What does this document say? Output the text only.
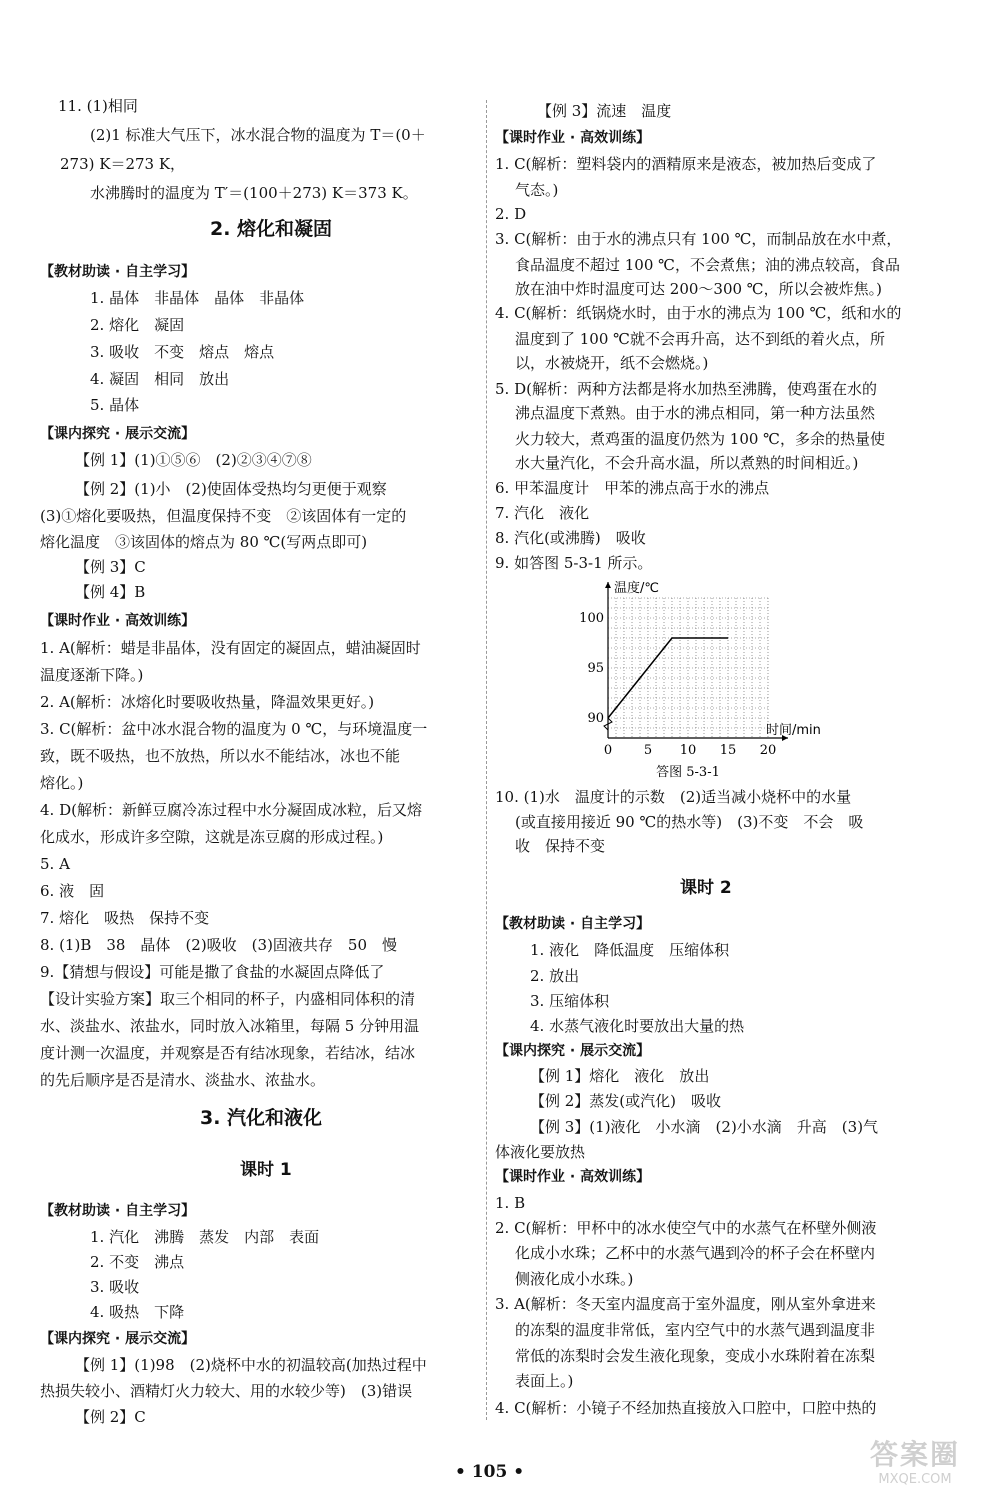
11. (1)相同

(2)1 标准大气压下，冰水混合物的温度为 T＝(0＋

273) K＝273 K，

水沸腾时的温度为 T′＝(100＋273) K＝373 K。

2. 熔化和凝固

【教材助读 · 自主学习】

1. 晶体　非晶体　晶体　非晶体

2. 熔化　凝固

3. 吸收　不变　熔点　熔点

4. 凝固　相同　放出

5. 晶体

【课内探究 · 展示交流】

【例 1】(1)①⑤⑥　(2)②③④⑦⑧

【例 2】(1)小　(2)使固体受热均匀更便于观察

(3)①熔化要吸热，但温度保持不变　②该固体有一定的

熔化温度　③该固体的熔点为 80 ℃(写两点即可)

【例 3】C

【例 4】B

【课时作业 · 高效训练】

1. A(解析：蜡是非晶体，没有固定的凝固点，蜡油凝固时

温度逐渐下降。)

2. A(解析：冰熔化时要吸收热量，降温效果更好。)

3. C(解析：盆中冰水混合物的温度为 0 ℃，与环境温度一

致，既不吸热，也不放热，所以水不能结冰，冰也不能

熔化。)

4. D(解析：新鲜豆腐冷冻过程中水分凝固成冰粒，后又熔

化成水，形成许多空隙，这就是冻豆腐的形成过程。)

5. A

6. 液　固

7. 熔化　吸热　保持不变

8. (1)B　38　晶体　(2)吸收　(3)固液共存　50　慢

9.【猜想与假设】可能是撒了食盐的水凝固点降低了

【设计实验方案】取三个相同的杯子，内盛相同体积的清

水、淡盐水、浓盐水，同时放入冰箱里，每隔 5 分钟用温

度计测一次温度，并观察是否有结冰现象，若结冰，结冰

的先后顺序是否是清水、淡盐水、浓盐水。

3. 汽化和液化

课时 1

【教材助读 · 自主学习】

1. 汽化　沸腾　蒸发　内部　表面

2. 不变　沸点

3. 吸收

4. 吸热　下降

【课内探究 · 展示交流】

【例 1】(1)98　(2)烧杯中水的初温较高(加热过程中

热损失较小、酒精灯火力较大、用的水较少等)　(3)错误

【例 2】C

【例 3】流速　温度

【课时作业 · 高效训练】

1. C(解析：塑料袋内的酒精原来是液态，被加热后变成了

气态。)

2. D

3. C(解析：由于水的沸点只有 100 ℃，而制品放在水中煮，

食品温度不超过 100 ℃，不会煮焦；油的沸点较高，食品

放在油中炸时温度可达 200～300 ℃，所以会被炸焦。)

4. C(解析：纸锅烧水时，由于水的沸点为 100 ℃，纸和水的

温度到了 100 ℃就不会再升高，达不到纸的着火点，所

以，水被烧开，纸不会燃烧。)

5. D(解析：两种方法都是将水加热至沸腾，使鸡蛋在水的

沸点温度下煮熟。由于水的沸点相同，第一种方法虽然

火力较大，煮鸡蛋的温度仍然为 100 ℃，多余的热量使

水大量汽化，不会升高水温，所以煮熟的时间相近。)

6. 甲苯温度计　甲苯的沸点高于水的沸点

7. 汽化　液化

8. 汽化(或沸腾)　吸收

9. 如答图 5-3-1 所示。

10. (1)水　温度计的示数　(2)适当减小烧杯中的水量

(或直接用接近 90 ℃的热水等)　(3)不变　不会　吸

收　保持不变

课时 2

【教材助读 · 自主学习】

1. 液化　降低温度　压缩体积

2. 放出

3. 压缩体积

4. 水蒸气液化时要放出大量的热

【课内探究 · 展示交流】

【例 1】熔化　液化　放出

【例 2】蒸发(或汽化)　吸收

【例 3】(1)液化　小水滴　(2)小水滴　升高　(3)气

体液化要放热

【课时作业 · 高效训练】

1. B

2. C(解析：甲杯中的冰水使空气中的水蒸气在杯壁外侧液

化成小水珠；乙杯中的水蒸气遇到冷的杯子会在杯壁内

侧液化成小水珠。)

3. A(解析：冬天室内温度高于室外温度，刚从室外拿进来

的冻梨的温度非常低，室内空气中的水蒸气遇到温度非

常低的冻梨时会发生液化现象，变成小水珠附着在冻梨

表面上。)

4. C(解析：小镜子不经加热直接放入口腔中，口腔中热的

温度/℃
时间/min
0 5 10 15 20
90
95
100
答图 5-3-1
• 105 •
答案圈
MXQE.COM
